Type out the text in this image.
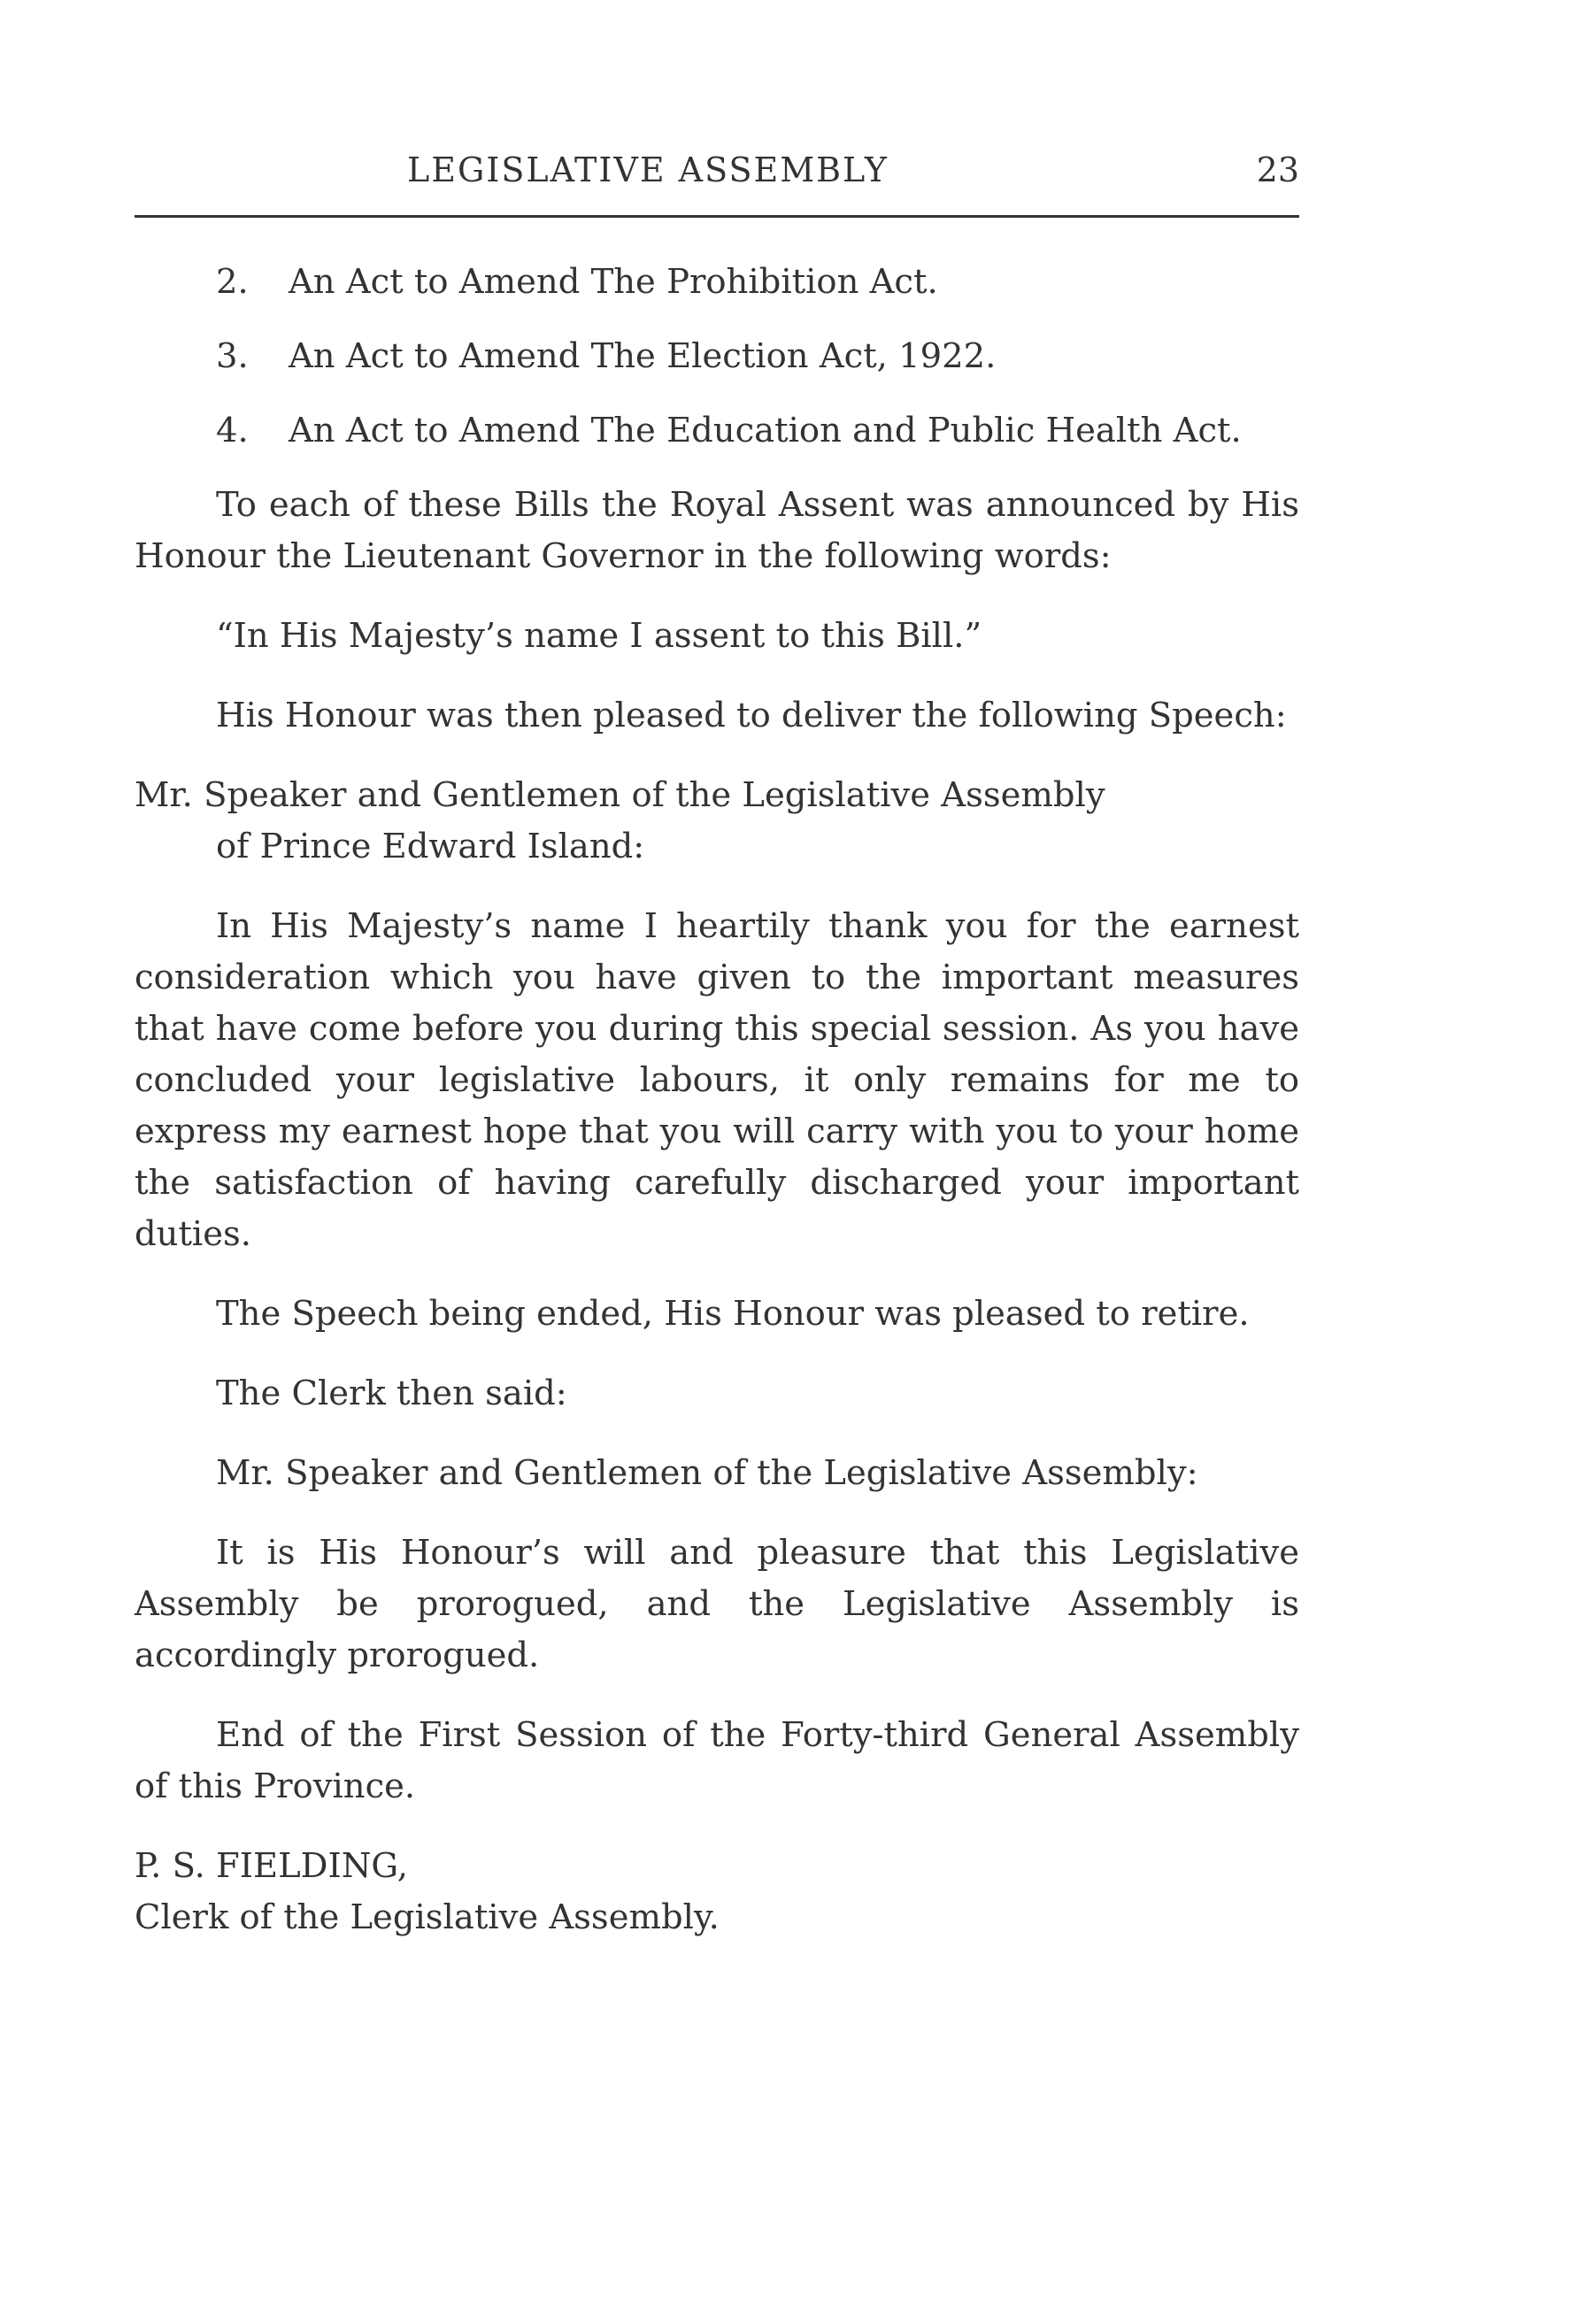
LEGISLATIVE ASSEMBLY	23

2. An Act to Amend The Prohibition Act.

3. An Act to Amend The Election Act, 1922.

4. An Act to Amend The Education and Public Health Act.

To each of these Bills the Royal Assent was announced by His Honour the Lieutenant Governor in the following words:

“In His Majesty’s name I assent to this Bill.”

His Honour was then pleased to deliver the following Speech:

Mr. Speaker and Gentlemen of the Legislative Assembly
of Prince Edward Island:

In His Majesty’s name I heartily thank you for the earnest consideration which you have given to the important measures that have come before you during this special session. As you have concluded your legislative labours, it only remains for me to express my earnest hope that you will carry with you to your home the satisfaction of having carefully discharged your important duties.

The Speech being ended, His Honour was pleased to retire.

The Clerk then said:

Mr. Speaker and Gentlemen of the Legislative Assembly:

It is His Honour’s will and pleasure that this Legislative Assembly be prorogued, and the Legislative Assembly is accordingly prorogued.

End of the First Session of the Forty-third General Assembly of this Province.

P. S. FIELDING,
Clerk of the Legislative Assembly.
